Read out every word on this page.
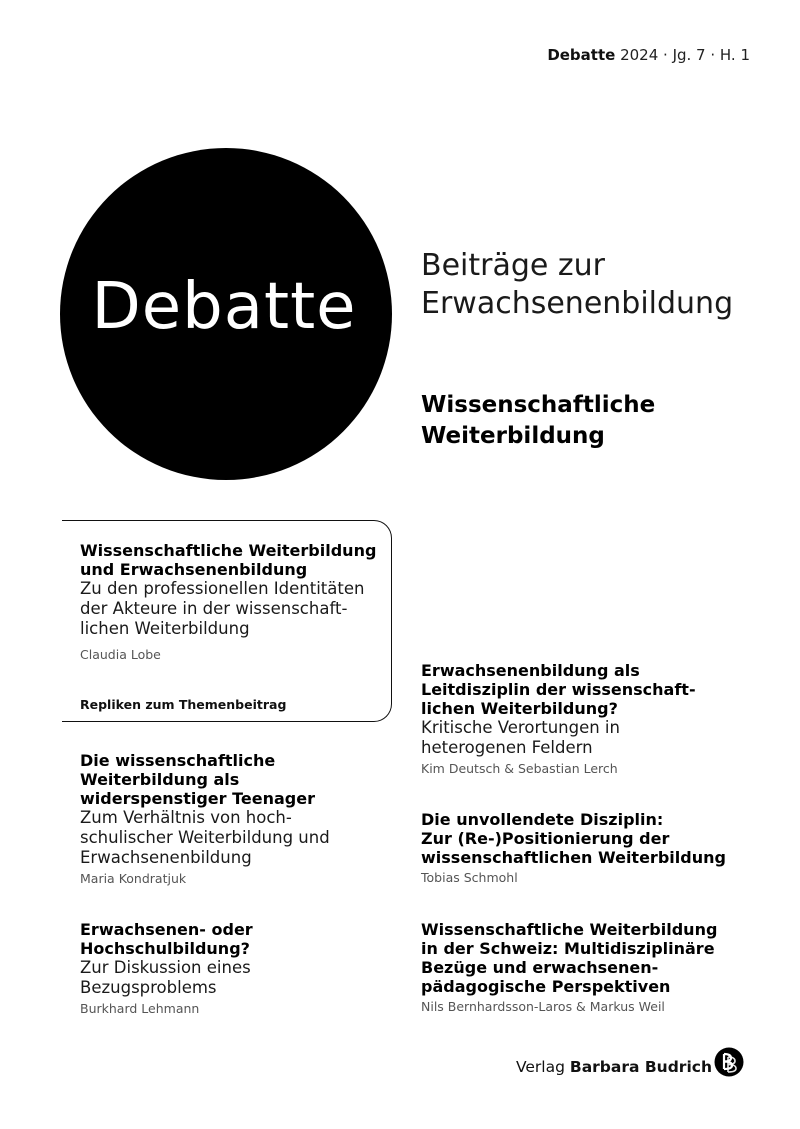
Debatte 2024 · Jg. 7 · H. 1
Debatte
Beiträge zur
Erwachsenenbildung
Wissenschaftliche
Weiterbildung
Wissenschaftliche Weiterbildung
und Erwachsenenbildung
Zu den professionellen Identitäten
der Akteure in der wissenschaft-
lichen Weiterbildung
Claudia Lobe
Repliken zum Themenbeitrag
Die wissenschaftliche
Weiterbildung als
widerspenstiger Teenager
Zum Verhältnis von hoch-
schulischer Weiterbildung und
Erwachsenenbildung
Maria Kondratjuk
Erwachsenen- oder
Hochschulbildung?
Zur Diskussion eines
Bezugsproblems
Burkhard Lehmann
Erwachsenenbildung als
Leitdisziplin der wissenschaft-
lichen Weiterbildung?
Kritische Verortungen in
heterogenen Feldern
Kim Deutsch & Sebastian Lerch
Die unvollendete Disziplin:
Zur (Re-)Positionierung der
wissenschaftlichen Weiterbildung
Tobias Schmohl
Wissenschaftliche Weiterbildung
in der Schweiz: Multidisziplinäre
Bezüge und erwachsenen-
pädagogische Perspektiven
Nils Bernhardsson-Laros & Markus Weil
Verlag Barbara Budrich
